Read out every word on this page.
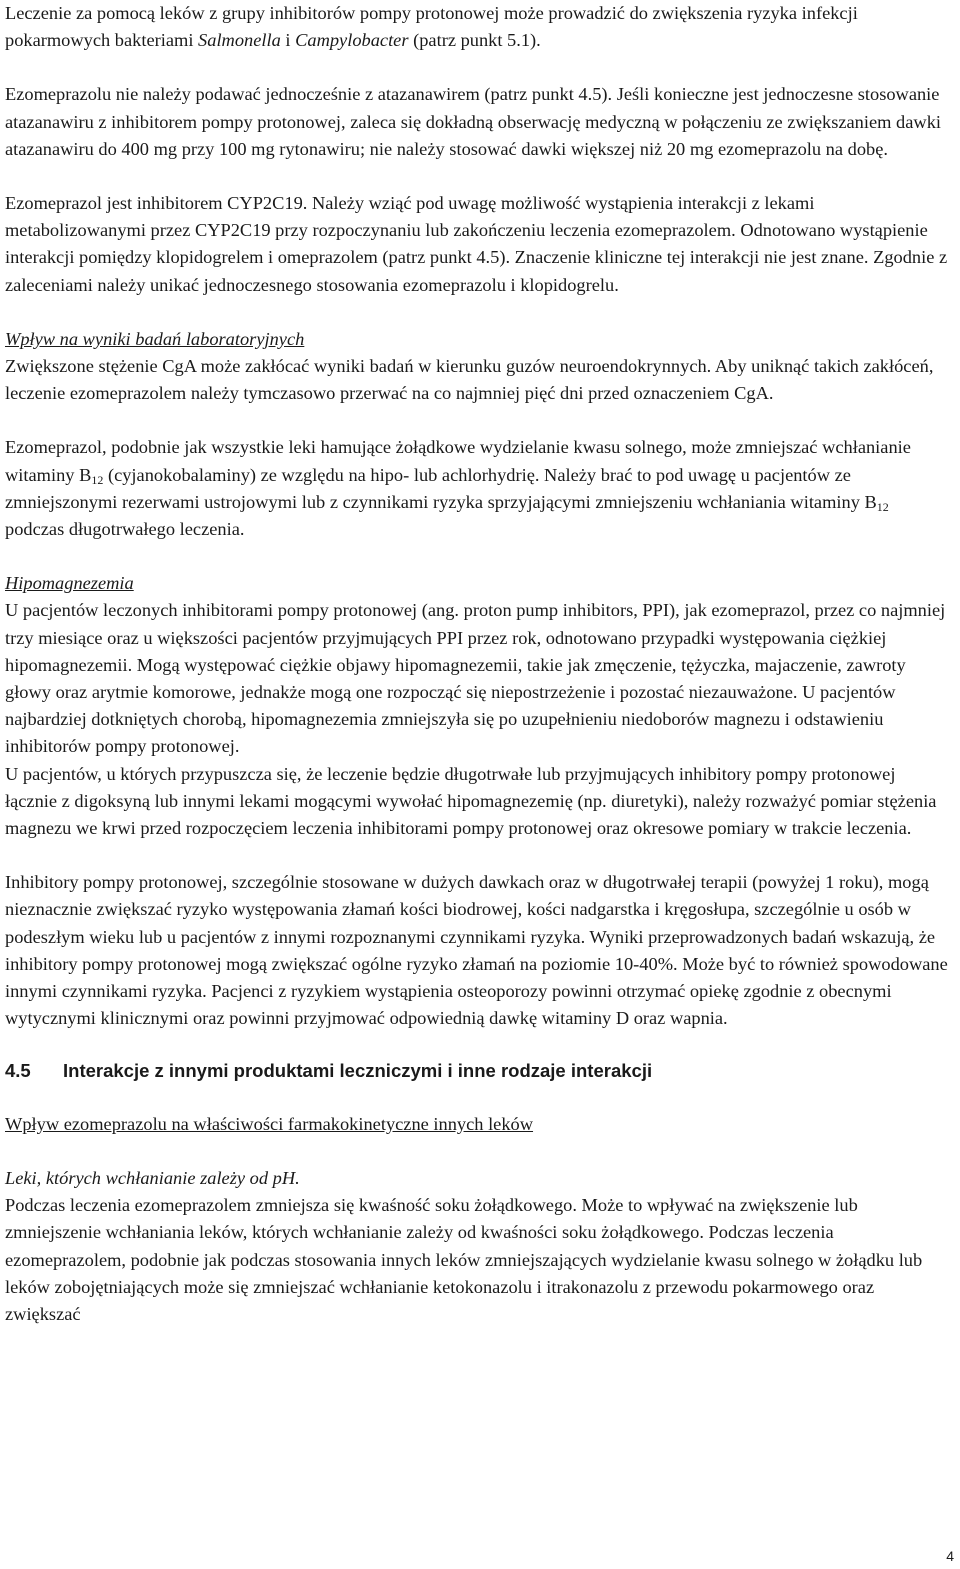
Leczenie za pomocą leków z grupy inhibitorów pompy protonowej może prowadzić do zwiększenia ryzyka infekcji pokarmowych bakteriami Salmonella i Campylobacter (patrz punkt 5.1).

Ezomeprazolu nie należy podawać jednocześnie z atazanawirem (patrz punkt 4.5). Jeśli konieczne jest jednoczesne stosowanie atazanawiru z inhibitorem pompy protonowej, zaleca się dokładną obserwację medyczną w połączeniu ze zwiększaniem dawki atazanawiru do 400 mg przy 100 mg rytonawiru; nie należy stosować dawki większej niż 20 mg ezomeprazolu na dobę.

Ezomeprazol jest inhibitorem CYP2C19. Należy wziąć pod uwagę możliwość wystąpienia interakcji z lekami metabolizowanymi przez CYP2C19 przy rozpoczynaniu lub zakończeniu leczenia ezomeprazolem. Odnotowano wystąpienie interakcji pomiędzy klopidogrelem i omeprazolem (patrz punkt 4.5). Znaczenie kliniczne tej interakcji nie jest znane. Zgodnie z zaleceniami należy unikać jednoczesnego stosowania ezomeprazolu i klopidogrelu.

Wpływ na wyniki badań laboratoryjnych

Zwiększone stężenie CgA może zakłócać wyniki badań w kierunku guzów neuroendokrynnych. Aby uniknąć takich zakłóceń, leczenie ezomeprazolem należy tymczasowo przerwać na co najmniej pięć dni przed oznaczeniem CgA.

Ezomeprazol, podobnie jak wszystkie leki hamujące żołądkowe wydzielanie kwasu solnego, może zmniejszać wchłanianie witaminy $B_{12}$ (cyjanokobalaminy) ze względu na hipo- lub achlorhydrię. Należy brać to pod uwagę u pacjentów ze zmniejszonymi rezerwami ustrojowymi lub z czynnikami ryzyka sprzyjającymi zmniejszeniu wchłaniania witaminy $B_{12}$ podczas długotrwałego leczenia.

Hipomagnezemia

U pacjentów leczonych inhibitorami pompy protonowej (ang. proton pump inhibitors, PPI), jak ezomeprazol, przez co najmniej trzy miesiące oraz u większości pacjentów przyjmujących PPI przez rok, odnotowano przypadki występowania ciężkiej hipomagnezemii. Mogą występować ciężkie objawy hipomagnezemii, takie jak zmęczenie, tężyczka, majaczenie, zawroty głowy oraz arytmie komorowe, jednakże mogą one rozpocząć się niepostrzeżenie i pozostać niezauważone. U pacjentów najbardziej dotkniętych chorobą, hipomagnezemia zmniejszyła się po uzupełnieniu niedoborów magnezu i odstawieniu inhibitorów pompy protonowej.

U pacjentów, u których przypuszcza się, że leczenie będzie długotrwałe lub przyjmujących inhibitory pompy protonowej łącznie z digoksyną lub innymi lekami mogącymi wywołać hipomagnezemię (np. diuretyki), należy rozważyć pomiar stężenia magnezu we krwi przed rozpoczęciem leczenia inhibitorami pompy protonowej oraz okresowe pomiary w trakcie leczenia.

Inhibitory pompy protonowej, szczególnie stosowane w dużych dawkach oraz w długotrwałej terapii (powyżej 1 roku), mogą nieznacznie zwiększać ryzyko występowania złamań kości biodrowej, kości nadgarstka i kręgosłupa, szczególnie u osób w podeszłym wieku lub u pacjentów z innymi rozpoznanymi czynnikami ryzyka. Wyniki przeprowadzonych badań wskazują, że inhibitory pompy protonowej mogą zwiększać ogólne ryzyko złamań na poziomie 10-40%. Może być to również spowodowane innymi czynnikami ryzyka. Pacjenci z ryzykiem wystąpienia osteoporozy powinni otrzymać opiekę zgodnie z obecnymi wytycznymi klinicznymi oraz powinni przyjmować odpowiednią dawkę witaminy D oraz wapnia.

4.5 Interakcje z innymi produktami leczniczymi i inne rodzaje interakcji

Wpływ ezomeprazolu na właściwości farmakokinetyczne innych leków

Leki, których wchłanianie zależy od pH.

Podczas leczenia ezomeprazolem zmniejsza się kwaśność soku żołądkowego. Może to wpływać na zwiększenie lub zmniejszenie wchłaniania leków, których wchłanianie zależy od kwaśności soku żołądkowego. Podczas leczenia ezomeprazolem, podobnie jak podczas stosowania innych leków zmniejszających wydzielanie kwasu solnego w żołądku lub leków zobojętniających może się zmniejszać wchłanianie ketokonazolu i itrakonazolu z przewodu pokarmowego oraz zwiększać

4
